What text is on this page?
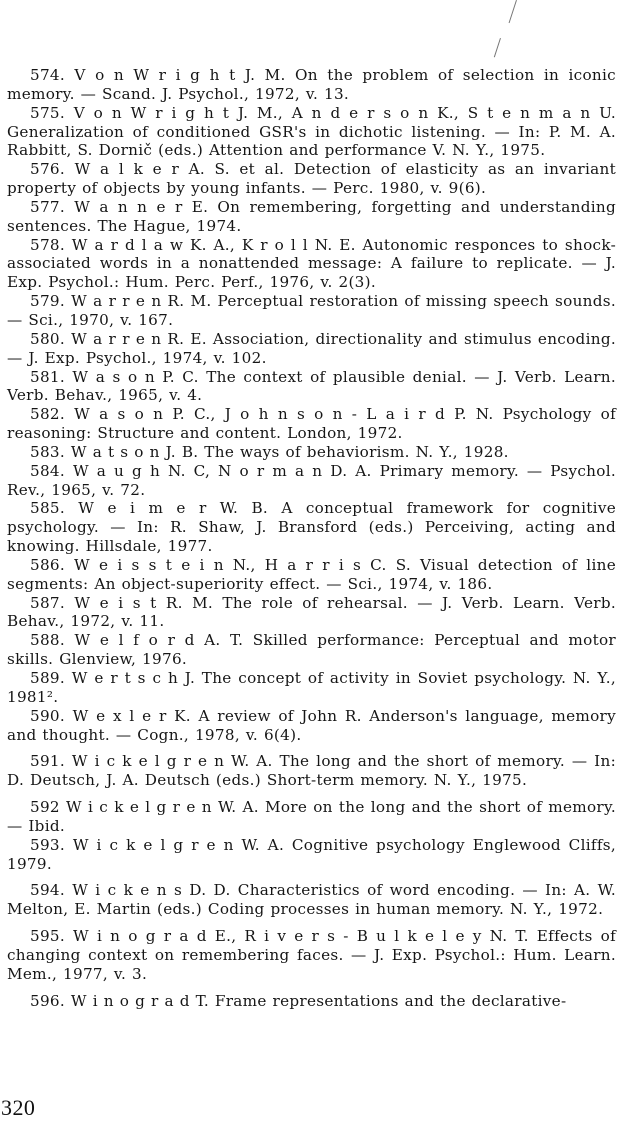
574. V o n W r i g h t J. M. On the problem of selection in iconic memory. — Scand. J. Psychol., 1972, v. 13.

575. V o n W r i g h t J. M., A n d e r s o n K., S t e n m a n U. Generalization of conditioned GSR's in dichotic listening. — In: P. M. A. Rabbitt, S. Dornič (eds.) Attention and performance V. N. Y., 1975.

576. W a l k e r A. S. et al. Detection of elasticity as an invariant property of objects by young infants. — Perc. 1980, v. 9(6).

577. W a n n e r E. On remembering, forgetting and understanding sentences. The Hague, 1974.

578. W a r d l a w K. A., K r o l l N. E. Autonomic responces to shock-associated words in a nonattended message: A failure to replicate. — J. Exp. Psychol.: Hum. Perc. Perf., 1976, v. 2(3).

579. W a r r e n R. M. Perceptual restoration of missing speech sounds. — Sci., 1970, v. 167.

580. W a r r e n R. E. Association, directionality and stimulus encoding. — J. Exp. Psychol., 1974, v. 102.

581. W a s o n P. C. The context of plausible denial. — J. Verb. Learn. Verb. Behav., 1965, v. 4.

582. W a s o n P. C., J o h n s o n - L a i r d P. N. Psychology of reasoning: Structure and content. London, 1972.

583. W a t s o n J. B. The ways of behaviorism. N. Y., 1928.

584. W a u g h N. C, N o r m a n D. A. Primary memory. — Psychol. Rev., 1965, v. 72.

585. W e i m e r W. B. A conceptual framework for cognitive psychology. — In: R. Shaw, J. Bransford (eds.) Perceiving, acting and knowing. Hillsdale, 1977.

586. W e i s s t e i n N., H a r r i s C. S. Visual detection of line segments: An object-superiority effect. — Sci., 1974, v. 186.

587. W e i s t R. M. The role of rehearsal. — J. Verb. Learn. Verb. Behav., 1972, v. 11.

588. W e l f o r d A. T. Skilled performance: Perceptual and motor skills. Glenview, 1976.

589. W e r t s c h J. The concept of activity in Soviet psychology. N. Y., 1981².

590. W e x l e r K. A review of John R. Anderson's language, memory and thought. — Cogn., 1978, v. 6(4).

591. W i c k e l g r e n W. A. The long and the short of memory. — In: D. Deutsch, J. A. Deutsch (eds.) Short-term memory. N. Y., 1975.

592 W i c k e l g r e n W. A. More on the long and the short of memory. — Ibid.

593. W i c k e l g r e n W. A. Cognitive psychology Englewood Cliffs, 1979.

594. W i c k e n s D. D. Characteristics of word encoding. — In: A. W. Melton, E. Martin (eds.) Coding processes in human memory. N. Y., 1972.

595. W i n o g r a d E., R i v e r s - B u l k e l e y N. T. Effects of changing context on remembering faces. — J. Exp. Psychol.: Hum. Learn. Mem., 1977, v. 3.

596. W i n o g r a d T. Frame representations and the declarative-

320
